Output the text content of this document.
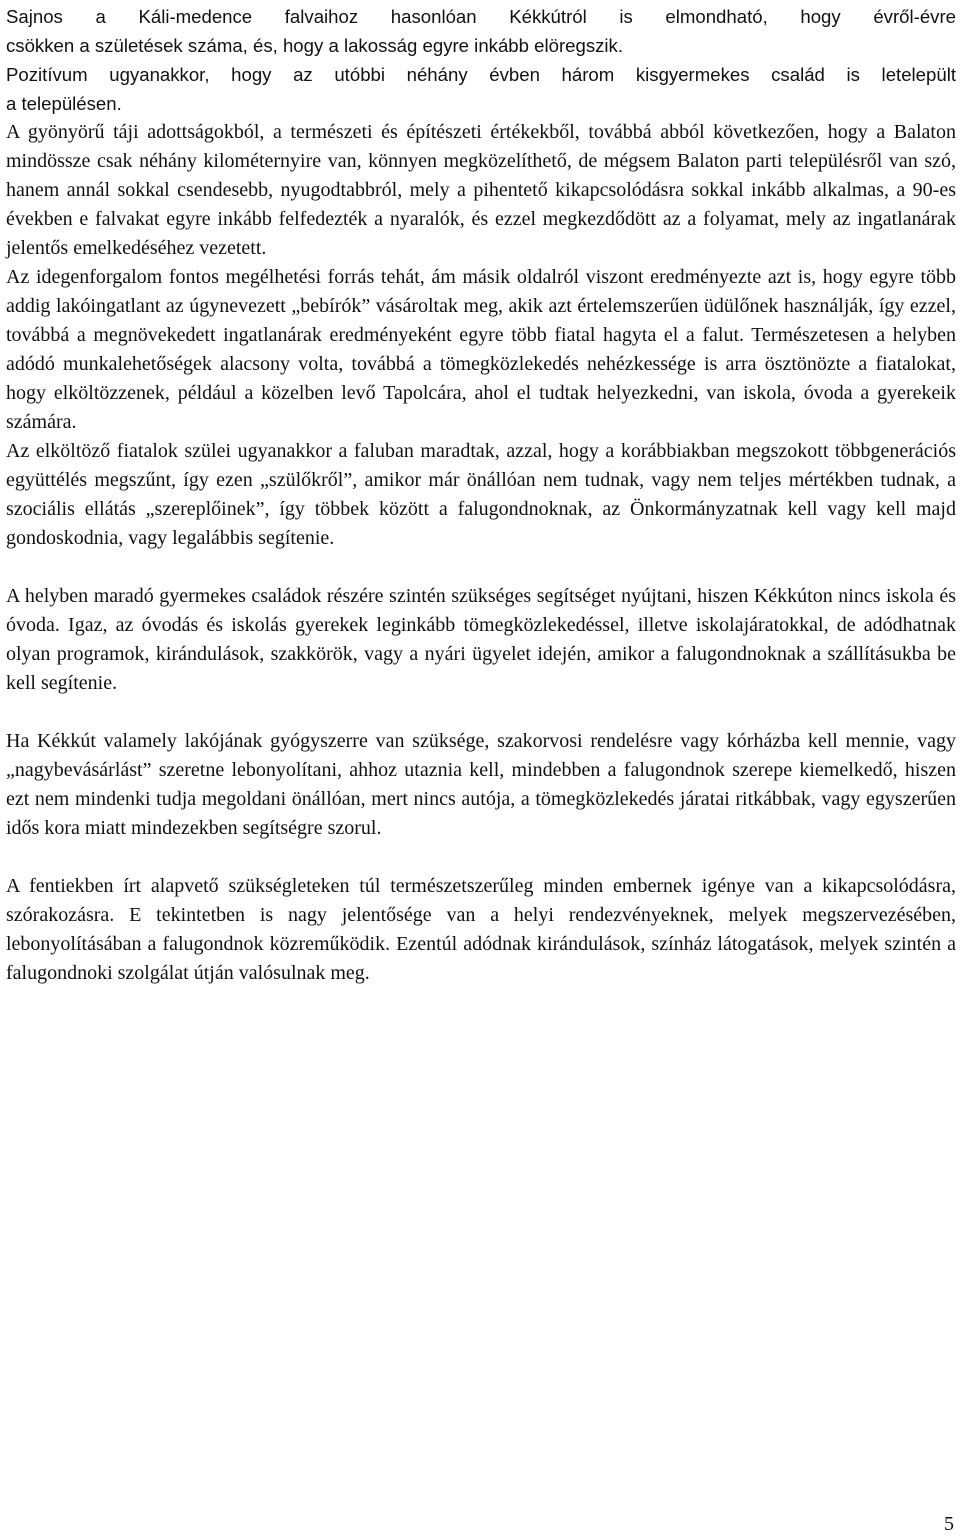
Sajnos a Káli-medence falvaihoz hasonlóan Kékkútról is elmondható, hogy évről-évre
csökken a születések száma, és, hogy a lakosság egyre inkább elöregszik.
Pozitívum ugyanakkor, hogy az utóbbi néhány évben három kisgyermekes család is letelepült
a településen.

A gyönyörű táji adottságokból, a természeti és építészeti értékekből, továbbá abból következően, hogy a Balaton mindössze csak néhány kilométernyire van, könnyen megközelíthető, de mégsem Balaton parti településről van szó, hanem annál sokkal csendesebb, nyugodtabbról, mely a pihentető kikapcsolódásra sokkal inkább alkalmas, a 90-es években e falvakat egyre inkább felfedezték a nyaralók, és ezzel megkezdődött az a folyamat, mely az ingatlanárak jelentős emelkedéséhez vezetett.

Az idegenforgalom fontos megélhetési forrás tehát, ám másik oldalról viszont eredményezte azt is, hogy egyre több addig lakóingatlant az úgynevezett „bebírók” vásároltak meg, akik azt értelemszerűen üdülőnek használják, így ezzel, továbbá a megnövekedett ingatlanárak eredményeként egyre több fiatal hagyta el a falut. Természetesen a helyben adódó munkalehetőségek alacsony volta, továbbá a tömegközlekedés nehézkessége is arra ösztönözte a fiatalokat, hogy elköltözzenek, például a közelben levő Tapolcára, ahol el tudtak helyezkedni, van iskola, óvoda a gyerekeik számára.

Az elköltöző fiatalok szülei ugyanakkor a faluban maradtak, azzal, hogy a korábbiakban megszokott többgenerációs együttélés megszűnt, így ezen „szülőkről”, amikor már önállóan nem tudnak, vagy nem teljes mértékben tudnak, a szociális ellátás „szereplőinek”, így többek között a falugondnoknak, az Önkormányzatnak kell vagy kell majd gondoskodnia, vagy legalábbis segítenie.

A helyben maradó gyermekes családok részére szintén szükséges segítséget nyújtani, hiszen Kékkúton nincs iskola és óvoda. Igaz, az óvodás és iskolás gyerekek leginkább tömegközlekedéssel, illetve iskolajáratokkal, de adódhatnak olyan programok, kirándulások, szakkörök, vagy a nyári ügyelet idején, amikor a falugondnoknak a szállításukba be kell segítenie.

Ha Kékkút valamely lakójának gyógyszerre van szüksége, szakorvosi rendelésre vagy kórházba kell mennie, vagy „nagybevásárlást” szeretne lebonyolítani, ahhoz utaznia kell, mindebben a falugondnok szerepe kiemelkedő, hiszen ezt nem mindenki tudja megoldani önállóan, mert nincs autója, a tömegközlekedés járatai ritkábbak, vagy egyszerűen idős kora miatt mindezekben segítségre szorul.

A fentiekben írt alapvető szükségleteken túl természetszerűleg minden embernek igénye van a kikapcsolódásra, szórakozásra. E tekintetben is nagy jelentősége van a helyi rendezvényeknek, melyek megszervezésében, lebonyolításában a falugondnok közreműködik. Ezentúl adódnak kirándulások, színház látogatások, melyek szintén a falugondnoki szolgálat útján valósulnak meg.

5
